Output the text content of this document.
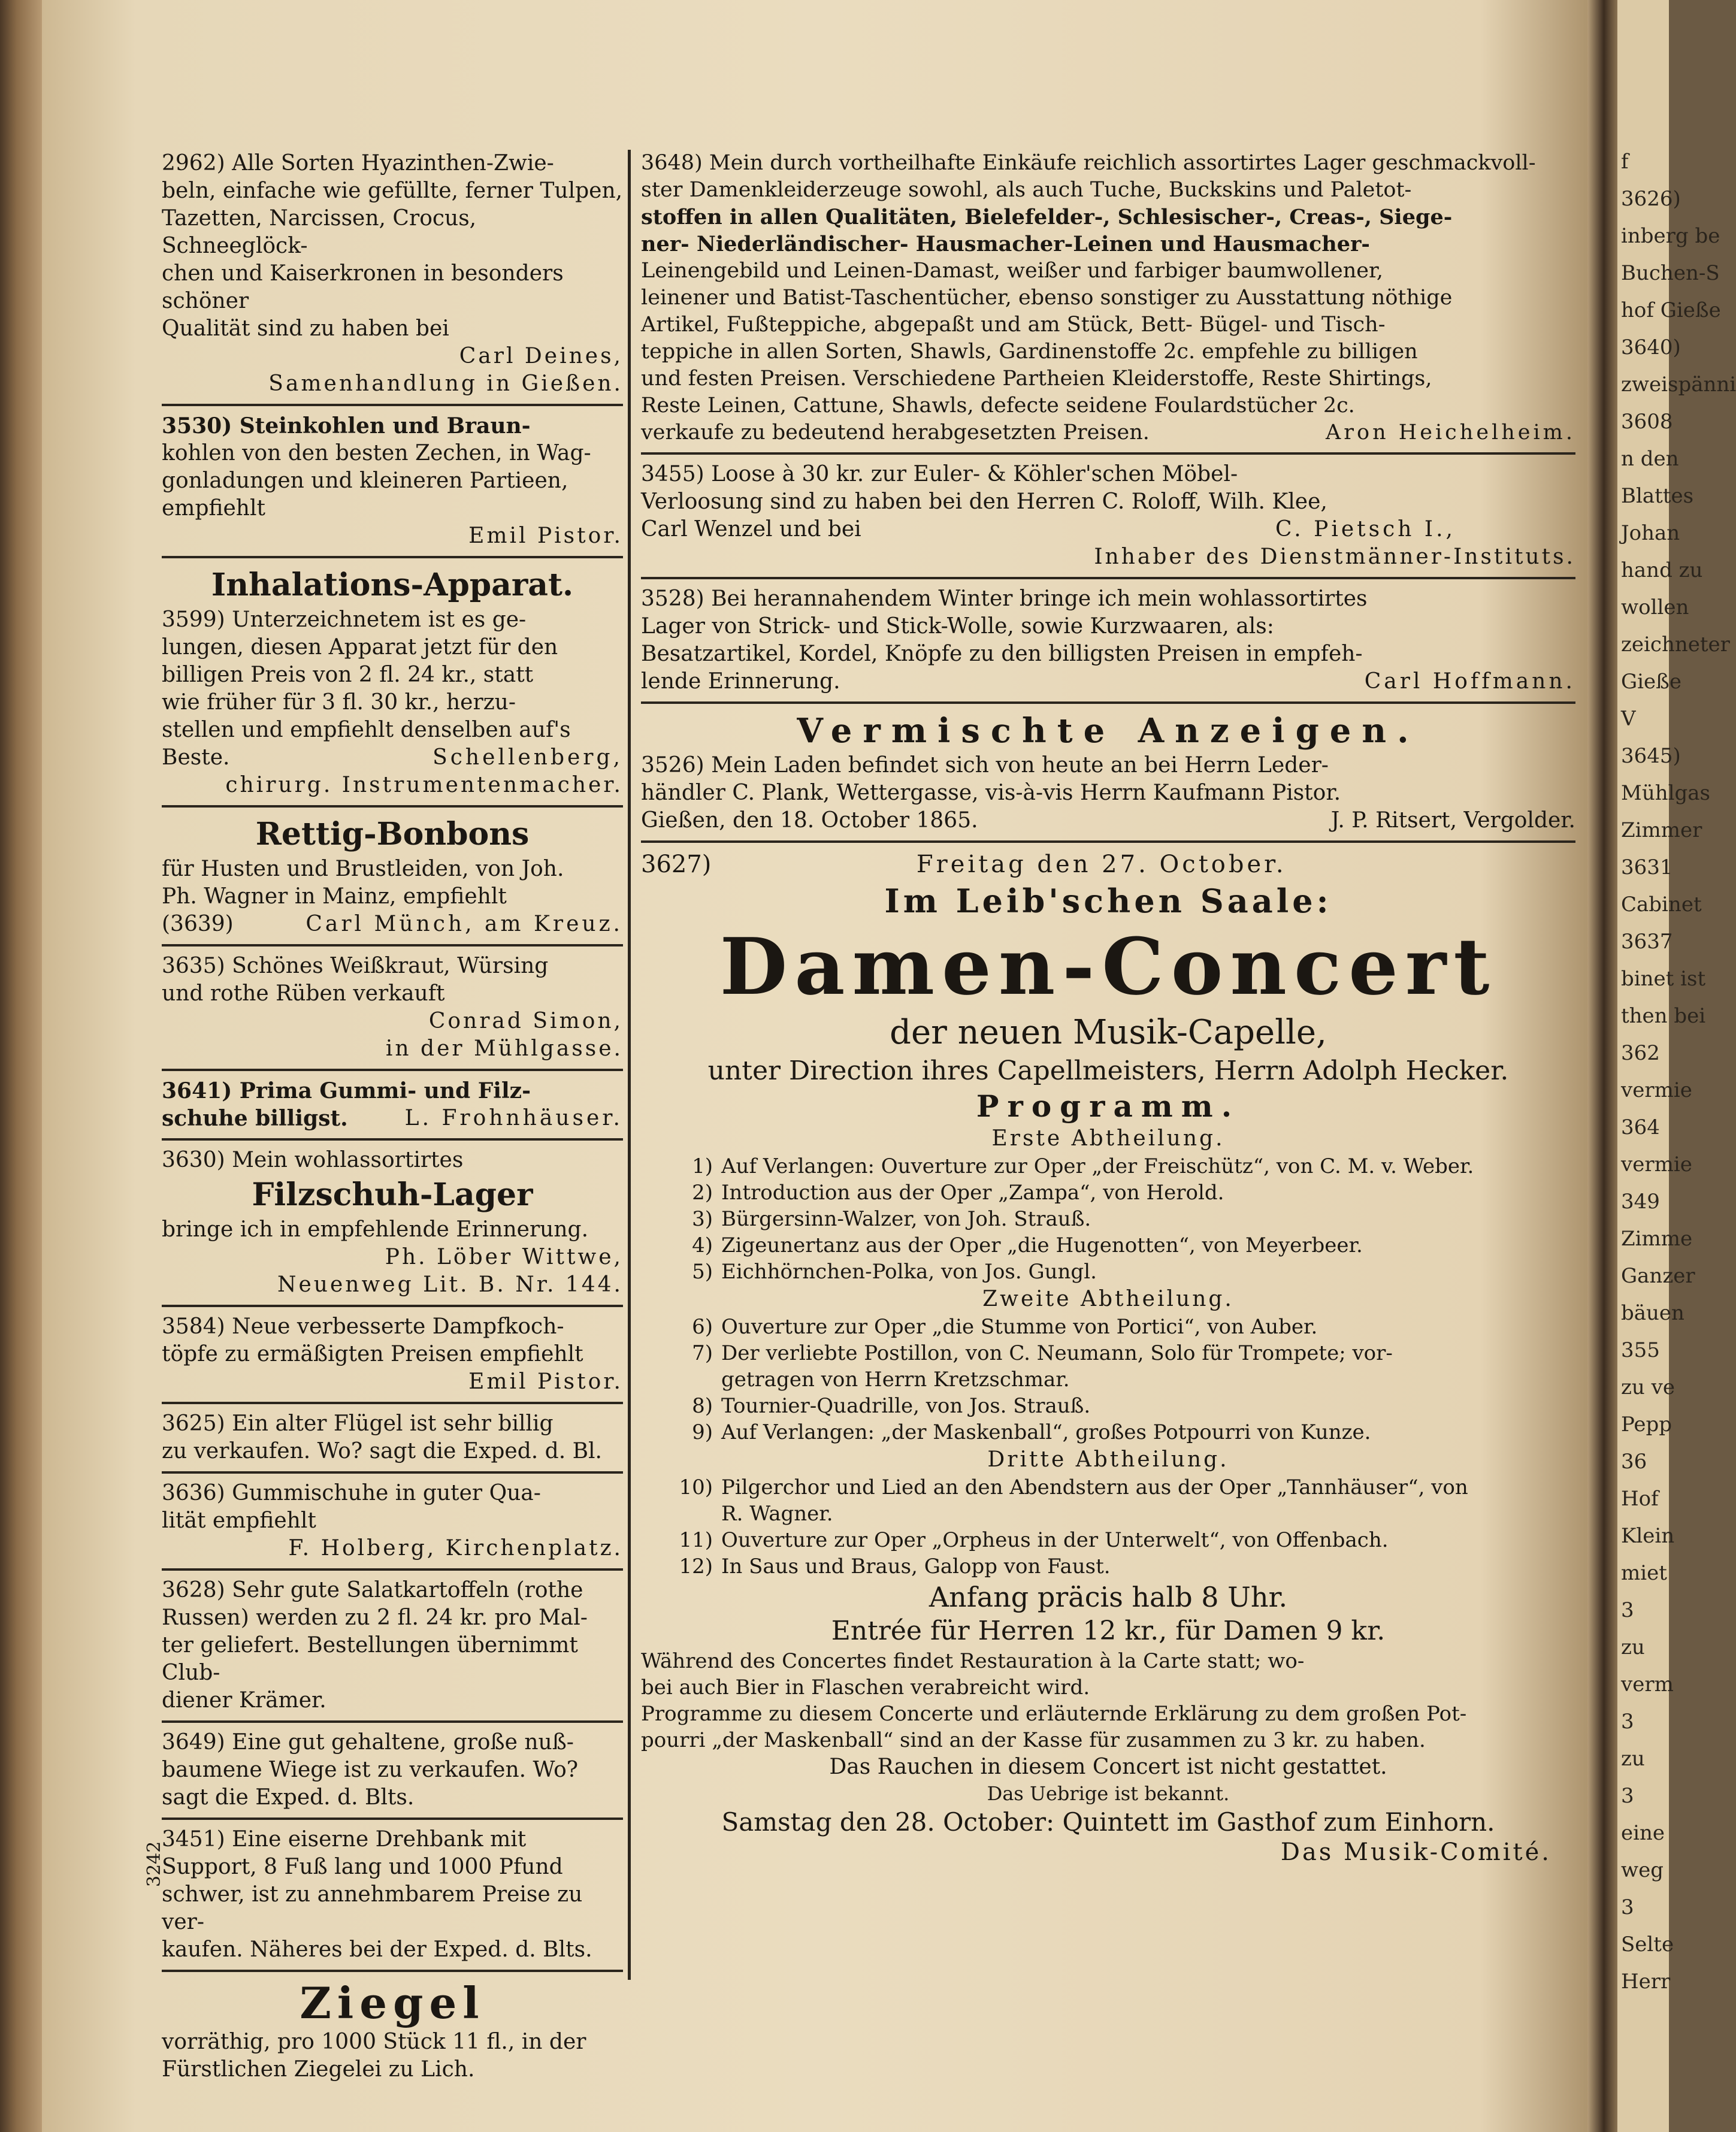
f
3626)
inberg be
Buchen-S
hof Gieße
3640)
zweispänni
3608
n den
Blattes
Johan
hand zu
wollen
zeichneter
Gieße
V
3645)
Mühlgas
Zimmer
3631
Cabinet
3637
binet ist
then bei
362
vermie
364
vermie
349
Zimme
Ganzer
bäuen
355
zu ve
Pepp
36
Hof
Klein
miet
3
zu
verm
3
zu
3
eine
weg
3
Selte
Herr

2962) Alle Sorten Hyazinthen-Zwie-

beln, einfache wie gefüllte, ferner Tulpen,

Tazetten, Narcissen, Crocus, Schneeglöck-

chen und Kaiserkronen in besonders schöner

Qualität sind zu haben bei

Carl Deines,

Samenhandlung in Gießen.

3530) Steinkohlen und Braun-

kohlen von den besten Zechen, in Wag-

gonladungen und kleineren Partieen, empfiehlt

Emil Pistor.

Inhalations-Apparat.

3599) Unterzeichnetem ist es ge-

lungen, diesen Apparat jetzt für den

billigen Preis von 2 fl. 24 kr., statt

wie früher für 3 fl. 30 kr., herzu-

stellen und empfiehlt denselben auf's

Beste.	Schellenberg,

chirurg. Instrumentenmacher.

Rettig-Bonbons

für Husten und Brustleiden, von Joh.

Ph. Wagner in Mainz, empfiehlt

(3639)	Carl Münch, am Kreuz.

3635) Schönes Weißkraut, Würsing

und rothe Rüben verkauft

Conrad Simon,

in der Mühlgasse.

3641) Prima Gummi- und Filz-

schuhe billigst.	L. Frohnhäuser.

3630) Mein wohlassortirtes

Filzschuh-Lager

bringe ich in empfehlende Erinnerung.

Ph. Löber Wittwe,

Neuenweg Lit. B. Nr. 144.

3584) Neue verbesserte Dampfkoch-

töpfe zu ermäßigten Preisen empfiehlt

Emil Pistor.

3625) Ein alter Flügel ist sehr billig

zu verkaufen. Wo? sagt die Exped. d. Bl.

3636) Gummischuhe in guter Qua-

lität empfiehlt

F. Holberg, Kirchenplatz.

3628) Sehr gute Salatkartoffeln (rothe

Russen) werden zu 2 fl. 24 kr. pro Mal-

ter geliefert. Bestellungen übernimmt Club-

diener Krämer.

3649) Eine gut gehaltene, große nuß-

baumene Wiege ist zu verkaufen. Wo?

sagt die Exped. d. Blts.

3451) Eine eiserne Drehbank mit

Support, 8 Fuß lang und 1000 Pfund

schwer, ist zu annehmbarem Preise zu ver-

kaufen. Näheres bei der Exped. d. Blts.

Ziegel

vorräthig, pro 1000 Stück 11 fl., in der

Fürstlichen Ziegelei zu Lich.

3242

3648) Mein durch vortheilhafte Einkäufe reichlich assortirtes Lager geschmackvoll-

ster Damenkleiderzeuge sowohl, als auch Tuche, Buckskins und Paletot-

stoffen in allen Qualitäten, Bielefelder-, Schlesischer-, Creas-, Siege-

ner- Niederländischer- Hausmacher-Leinen und Hausmacher-

Leinengebild und Leinen-Damast, weißer und farbiger baumwollener,

leinener und Batist-Taschentücher, ebenso sonstiger zu Ausstattung nöthige

Artikel, Fußteppiche, abgepaßt und am Stück, Bett- Bügel- und Tisch-

teppiche in allen Sorten, Shawls, Gardinenstoffe 2c. empfehle zu billigen

und festen Preisen. Verschiedene Partheien Kleiderstoffe, Reste Shirtings,

Reste Leinen, Cattune, Shawls, defecte seidene Foulardstücher 2c.

verkaufe zu bedeutend herabgesetzten Preisen.	Aron Heichelheim.

3455) Loose à 30 kr. zur Euler- & Köhler'schen Möbel-

Verloosung sind zu haben bei den Herren C. Roloff, Wilh. Klee,

Carl Wenzel und bei	C. Pietsch I.,

Inhaber des Dienstmänner-Instituts.

3528) Bei herannahendem Winter bringe ich mein wohlassortirtes

Lager von Strick- und Stick-Wolle, sowie Kurzwaaren, als:

Besatzartikel, Kordel, Knöpfe zu den billigsten Preisen in empfeh-

lende Erinnerung.	Carl Hoffmann.

Vermischte Anzeigen.

3526) Mein Laden befindet sich von heute an bei Herrn Leder-

händler C. Plank, Wettergasse, vis-à-vis Herrn Kaufmann Pistor.

Gießen, den 18. October 1865.	J. P. Ritsert, Vergolder.
3627)	Freitag den 27. October.

Im Leib'schen Saale:

Damen-Concert

der neuen Musik-Capelle,

unter Direction ihres Capellmeisters, Herrn Adolph Hecker.

Programm.

Erste Abtheilung.

1) Auf Verlangen: Ouverture zur Oper „der Freischütz“, von C. M. v. Weber.
2) Introduction aus der Oper „Zampa“, von Herold.
3) Bürgersinn-Walzer, von Joh. Strauß.
4) Zigeunertanz aus der Oper „die Hugenotten“, von Meyerbeer.
5) Eichhörnchen-Polka, von Jos. Gungl.

Zweite Abtheilung.

6) Ouverture zur Oper „die Stumme von Portici“, von Auber.
7) Der verliebte Postillon, von C. Neumann, Solo für Trompete; vor-
getragen von Herrn Kretzschmar.
8) Tournier-Quadrille, von Jos. Strauß.
9) Auf Verlangen: „der Maskenball“, großes Potpourri von Kunze.

Dritte Abtheilung.

10) Pilgerchor und Lied an den Abendstern aus der Oper „Tannhäuser“, von
R. Wagner.
11) Ouverture zur Oper „Orpheus in der Unterwelt“, von Offenbach.
12) In Saus und Braus, Galopp von Faust.

Anfang präcis halb 8 Uhr.

Entrée für Herren 12 kr., für Damen 9 kr.

Während des Concertes findet Restauration à la Carte statt; wo-

bei auch Bier in Flaschen verabreicht wird.

Programme zu diesem Concerte und erläuternde Erklärung zu dem großen Pot-

pourri „der Maskenball“ sind an der Kasse für zusammen zu 3 kr. zu haben.

Das Rauchen in diesem Concert ist nicht gestattet.

Das Uebrige ist bekannt.

Samstag den 28. October: Quintett im Gasthof zum Einhorn.

Das Musik-Comité.
